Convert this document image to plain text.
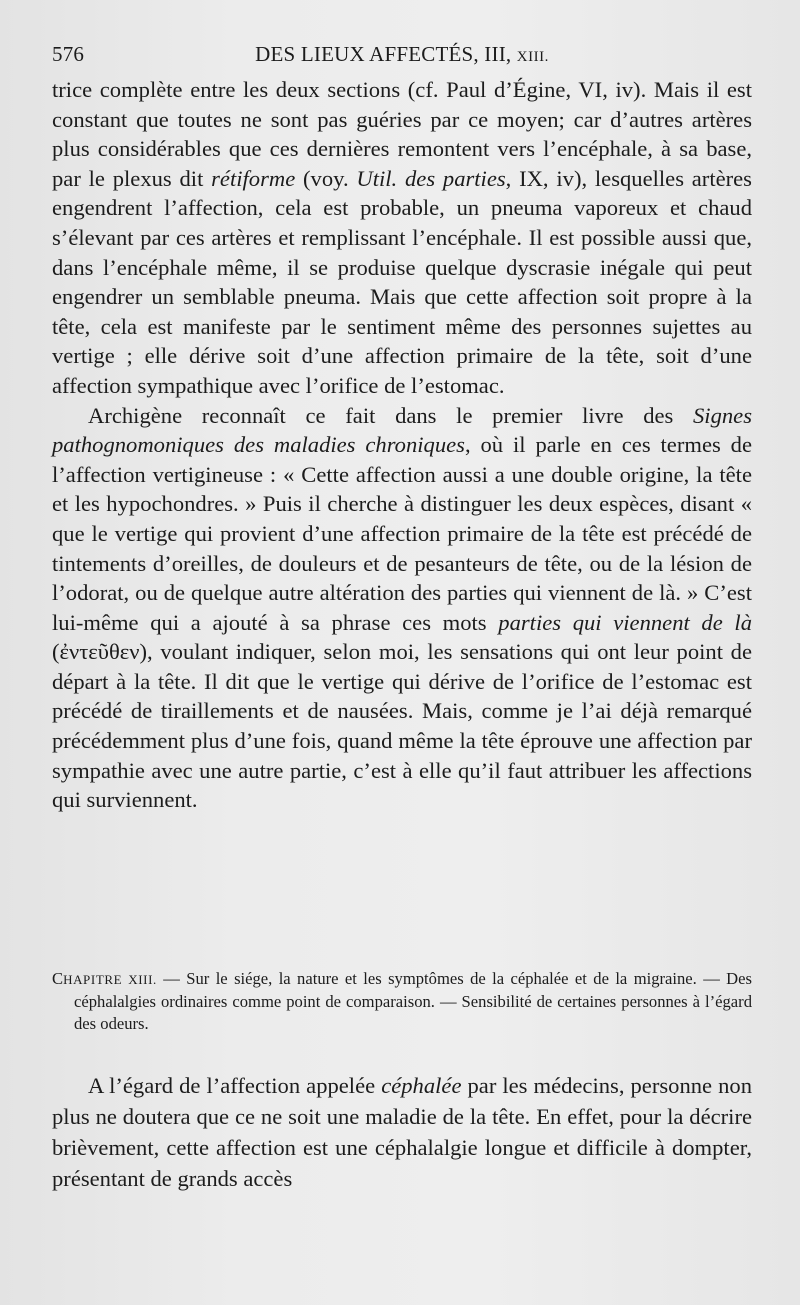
576	DES LIEUX AFFECTÉS, III, XIII.

trice complète entre les deux sections (cf. Paul d’Égine, VI, iv). Mais il est constant que toutes ne sont pas guéries par ce moyen; car d’autres artères plus considérables que ces dernières remontent vers l’encéphale, à sa base, par le plexus dit rétiforme (voy. Util. des parties, IX, iv), lesquelles artères engendrent l’affection, cela est probable, un pneuma vaporeux et chaud s’élevant par ces artères et remplissant l’encéphale. Il est possible aussi que, dans l’encéphale même, il se produise quelque dyscrasie inégale qui peut engendrer un semblable pneuma. Mais que cette affection soit propre à la tête, cela est manifeste par le sentiment même des personnes sujettes au vertige ; elle dérive soit d’une affection primaire de la tête, soit d’une affection sympathique avec l’orifice de l’estomac.

Archigène reconnaît ce fait dans le premier livre des Signes pathognomoniques des maladies chroniques, où il parle en ces termes de l’affection vertigineuse : « Cette affection aussi a une double origine, la tête et les hypochondres. » Puis il cherche à distinguer les deux espèces, disant « que le vertige qui provient d’une affection primaire de la tête est précédé de tintements d’oreilles, de douleurs et de pesanteurs de tête, ou de la lésion de l’odorat, ou de quelque autre altération des parties qui viennent de là. » C’est lui-même qui a ajouté à sa phrase ces mots parties qui viennent de là (ἐντεῦθεν), voulant indiquer, selon moi, les sensations qui ont leur point de départ à la tête. Il dit que le vertige qui dérive de l’orifice de l’estomac est précédé de tiraillements et de nausées. Mais, comme je l’ai déjà remarqué précédemment plus d’une fois, quand même la tête éprouve une affection par sympathie avec une autre partie, c’est à elle qu’il faut attribuer les affections qui surviennent.

CHAPITRE XIII. — Sur le siége, la nature et les symptômes de la céphalée et de la migraine. — Des céphalalgies ordinaires comme point de comparaison. — Sensibilité de certaines personnes à l’égard des odeurs.

A l’égard de l’affection appelée céphalée par les médecins, personne non plus ne doutera que ce ne soit une maladie de la tête. En effet, pour la décrire brièvement, cette affection est une céphalalgie longue et difficile à dompter, présentant de grands accès
